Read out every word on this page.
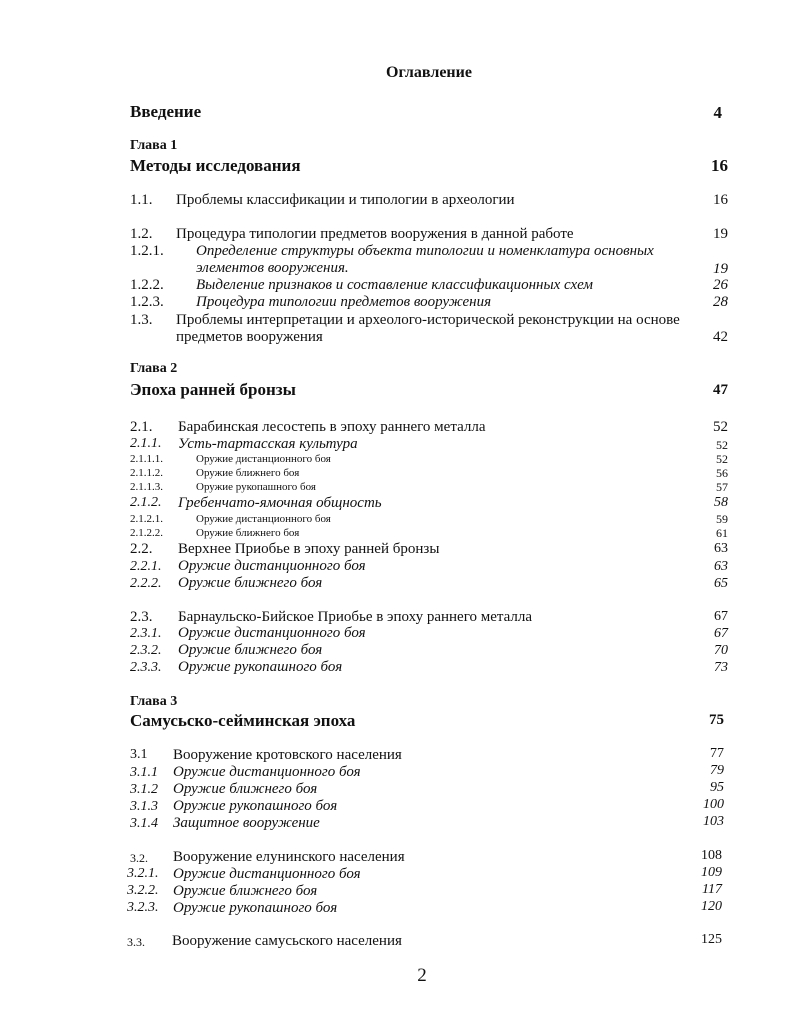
Оглавление
Введение	4
Глава 1
Методы исследования	16
1.1. Проблемы классификации и типологии в археологии	16
1.2. Процедура типологии предметов вооружения в данной работе	19
1.2.1. Определение структуры объекта типологии и номенклатура основных
элементов вооружения.	19
1.2.2. Выделение признаков и составление классификационных схем	26
1.2.3. Процедура типологии предметов вооружения	28
1.3. Проблемы интерпретации и археолого-исторической реконструкции на основе
предметов вооружения	42
Глава 2
Эпоха ранней бронзы	47
2.1. Барабинская лесостепь в эпоху раннего металла	52
2.1.1. Усть-тартасская культура	52
2.1.1.1.	Оружие дистанционного боя	52
2.1.1.2.	Оружие ближнего боя	56
2.1.1.3.	Оружие рукопашного боя	57
2.1.2. Гребенчато-ямочная общность	58
2.1.2.1.	Оружие дистанционного боя	59
2.1.2.2.	Оружие ближнего боя	61
2.2. Верхнее Приобье в эпоху ранней бронзы	63
2.2.1. Оружие дистанционного боя	63
2.2.2. Оружие ближнего боя	65
2.3. Барнаульско-Бийское Приобье в эпоху раннего металла	67
2.3.1. Оружие дистанционного боя	67
2.3.2. Оружие ближнего боя	70
2.3.3. Оружие рукопашного боя	73
Глава 3
Самусьско-сейминская эпоха	75
3.1 Вооружение кротовского населения	77
3.1.1 Оружие дистанционного боя	79
3.1.2 Оружие ближнего боя	95
3.1.3 Оружие рукопашного боя	100
3.1.4 Защитное вооружение	103
3.2. Вооружение елунинского населения	108
3.2.1. Оружие дистанционного боя	109
3.2.2. Оружие ближнего боя	117
3.2.3. Оружие рукопашного боя	120
3.3. Вооружение самусьского населения	125
2
